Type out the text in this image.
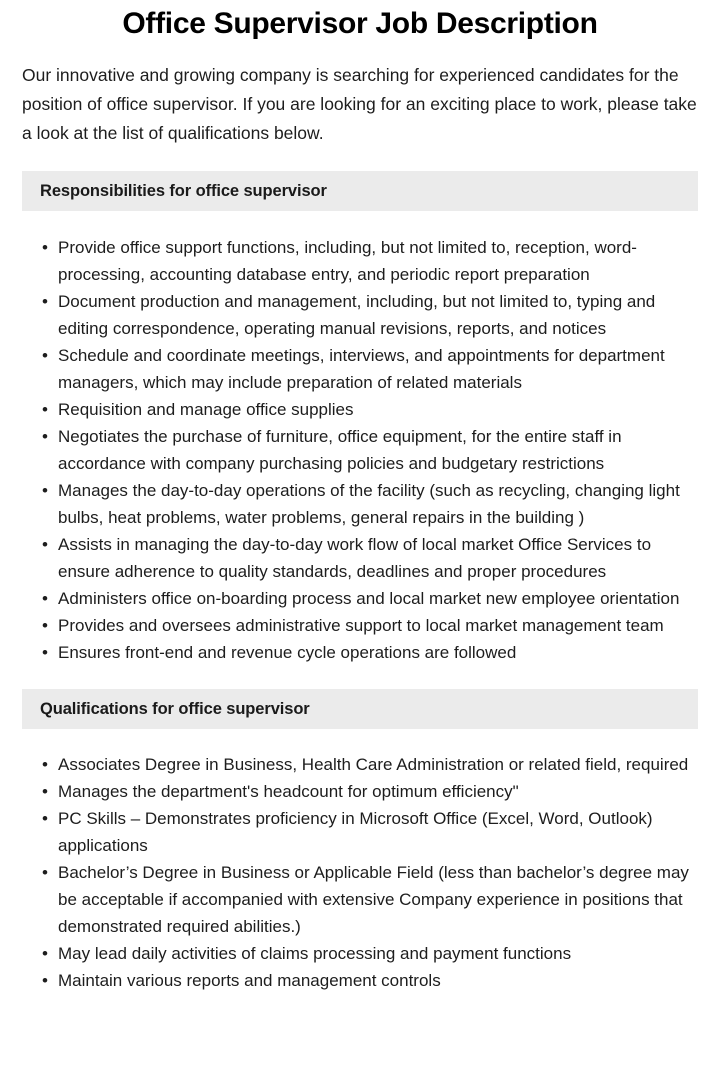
Office Supervisor Job Description

Our innovative and growing company is searching for experienced candidates for the position of office supervisor. If you are looking for an exciting place to work, please take a look at the list of qualifications below.

Responsibilities for office supervisor
• Provide office support functions, including, but not limited to, reception, word-processing, accounting database entry, and periodic report preparation
• Document production and management, including, but not limited to, typing and editing correspondence, operating manual revisions, reports, and notices
• Schedule and coordinate meetings, interviews, and appointments for department managers, which may include preparation of related materials
• Requisition and manage office supplies
• Negotiates the purchase of furniture, office equipment, for the entire staff in accordance with company purchasing policies and budgetary restrictions
• Manages the day-to-day operations of the facility (such as recycling, changing light bulbs, heat problems, water problems, general repairs in the building )
• Assists in managing the day-to-day work flow of local market Office Services to ensure adherence to quality standards, deadlines and proper procedures
• Administers office on-boarding process and local market new employee orientation
• Provides and oversees administrative support to local market management team
• Ensures front-end and revenue cycle operations are followed
Qualifications for office supervisor
• Associates Degree in Business, Health Care Administration or related field, required
• Manages the department's headcount for optimum efficiency"
• PC Skills – Demonstrates proficiency in Microsoft Office (Excel, Word, Outlook) applications
• Bachelor’s Degree in Business or Applicable Field (less than bachelor’s degree may be acceptable if accompanied with extensive Company experience in positions that demonstrated required abilities.)
• May lead daily activities of claims processing and payment functions
• Maintain various reports and management controls
